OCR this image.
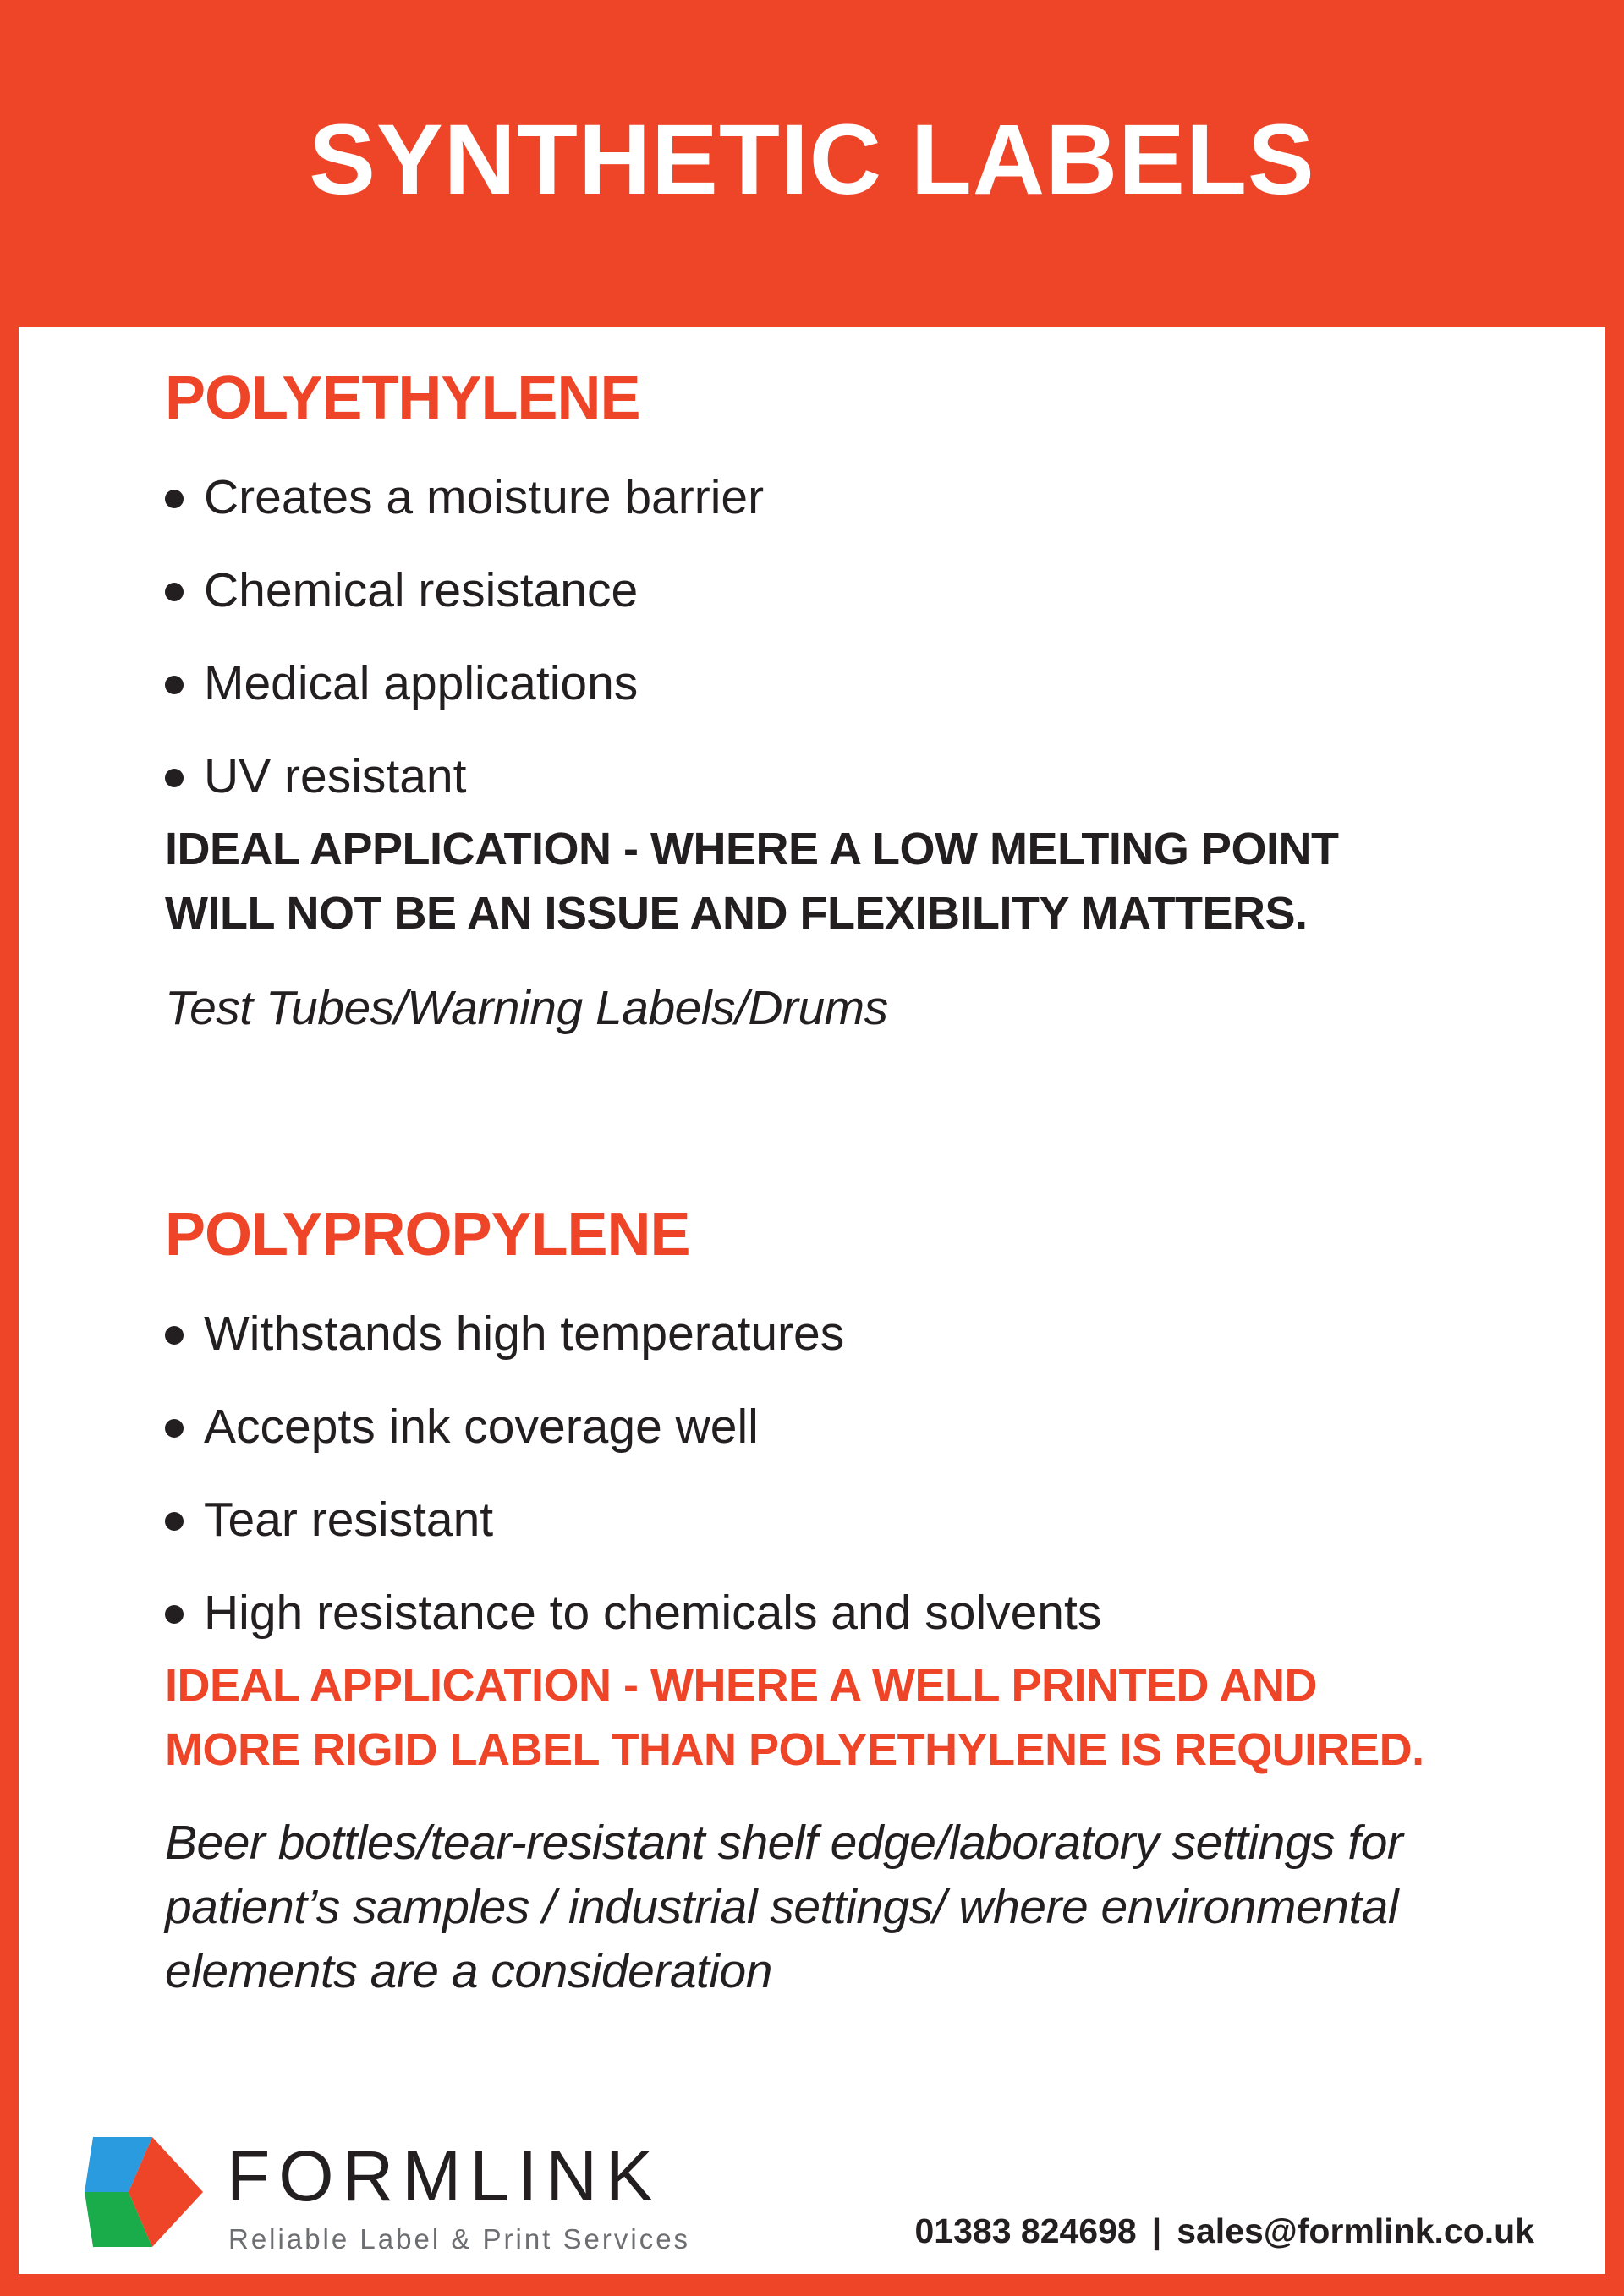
SYNTHETIC LABELS
POLYETHYLENE
Creates a moisture barrier
Chemical resistance
Medical applications
UV resistant
IDEAL APPLICATION - WHERE A LOW MELTING POINT
WILL NOT BE AN ISSUE AND FLEXIBILITY MATTERS.
Test Tubes/Warning Labels/Drums
POLYPROPYLENE
Withstands high temperatures
Accepts ink coverage well
Tear resistant
High resistance to chemicals and solvents
IDEAL APPLICATION - WHERE A WELL PRINTED AND
MORE RIGID LABEL THAN POLYETHYLENE IS REQUIRED.
Beer bottles/tear-resistant shelf edge/laboratory settings for
patient’s samples / industrial settings/ where environmental
elements are a consideration
FORMLINK
Reliable Label & Print Services	01383 824698 | sales@formlink.co.uk
